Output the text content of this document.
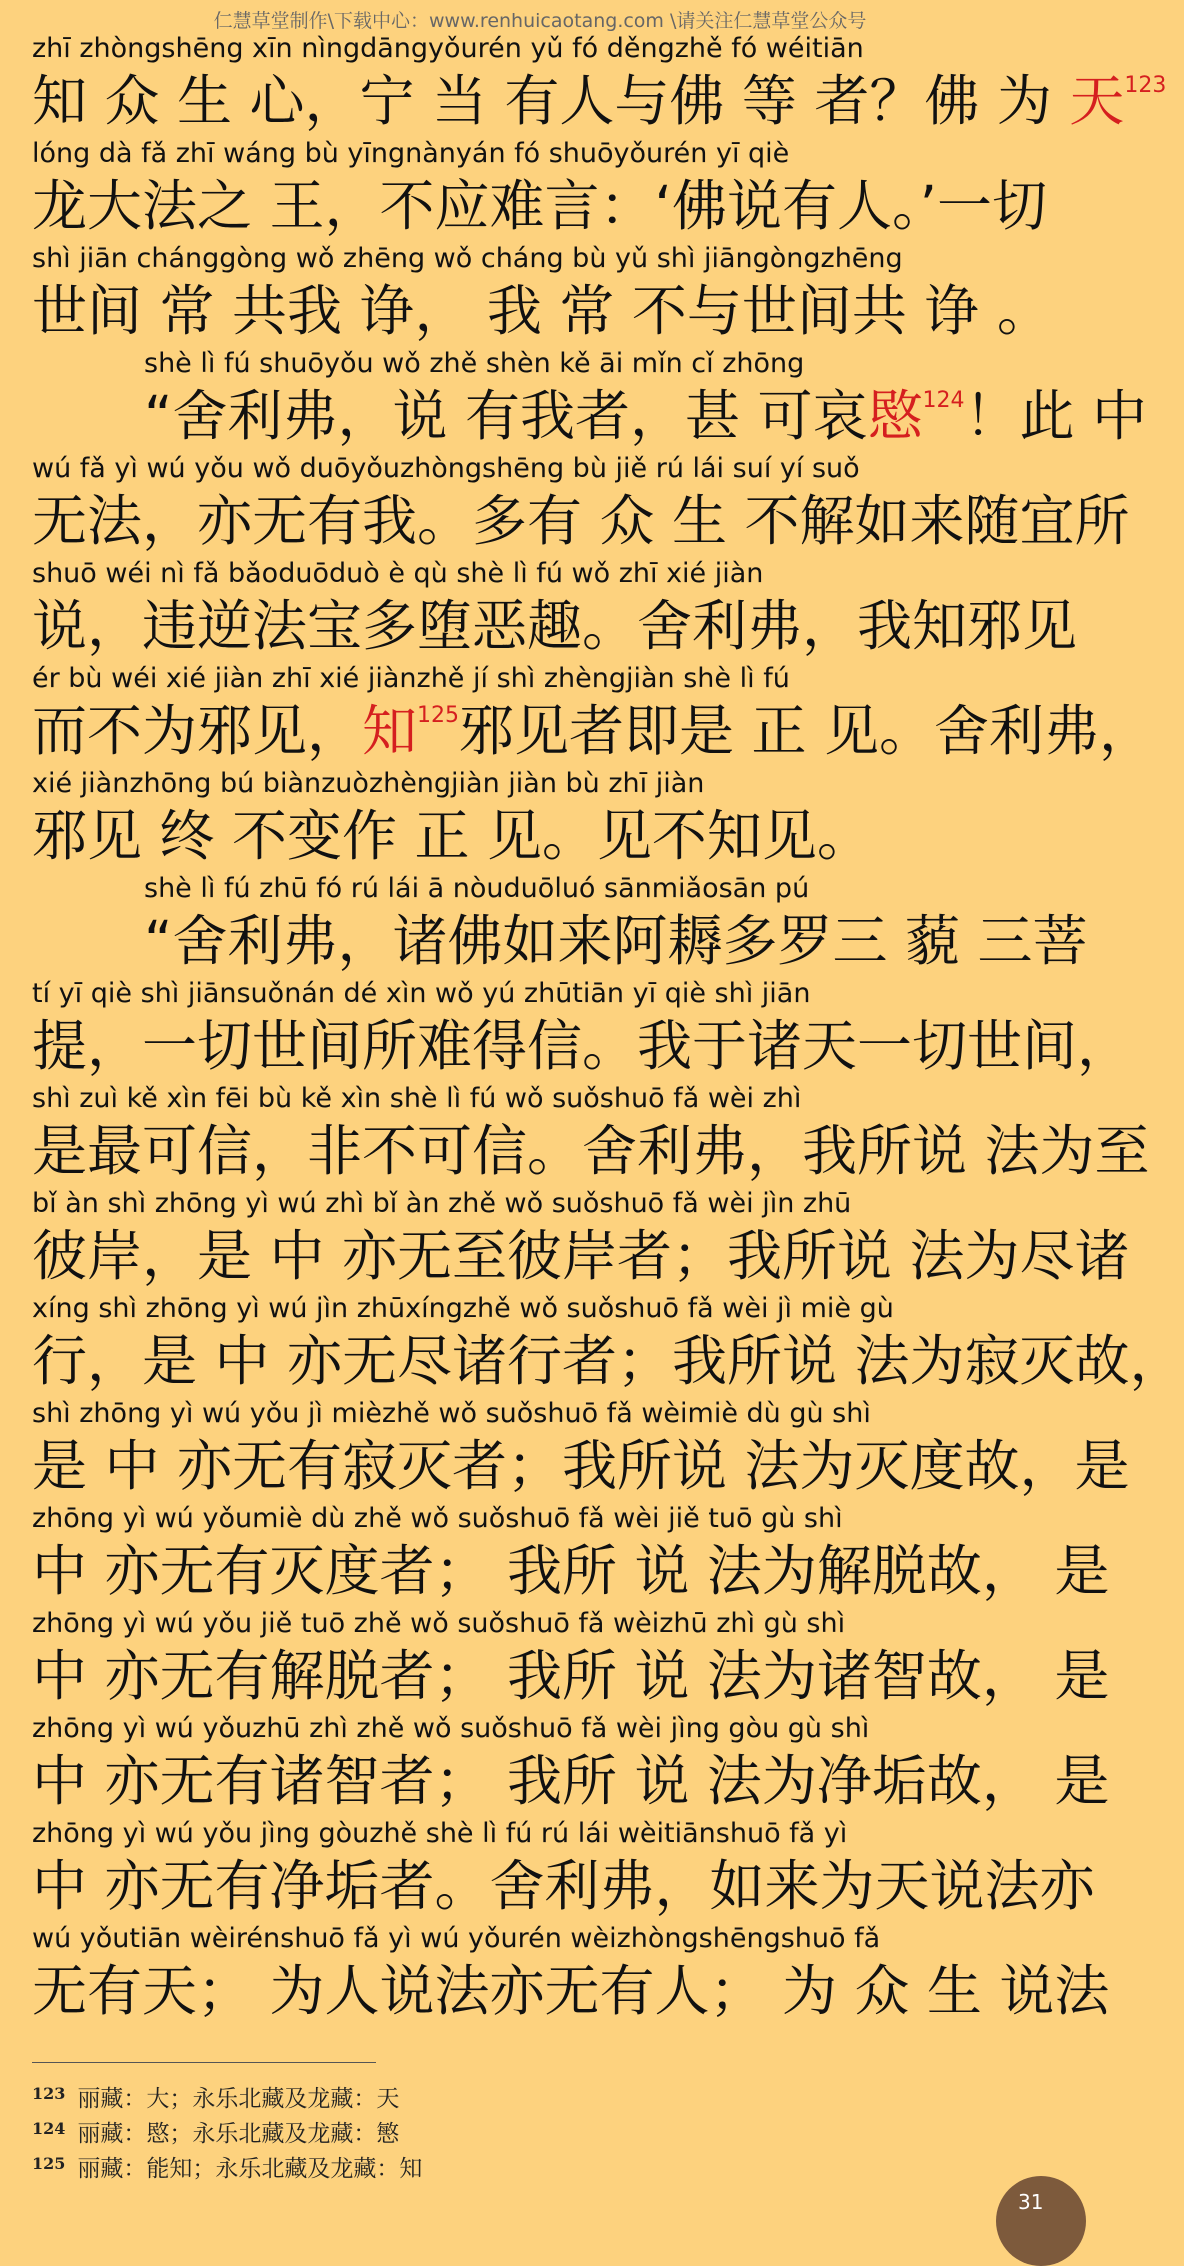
仁慧草堂制作\下载中心：www.renhuicaotang.com \请关注仁慧草堂公众号
zhī zhòngshēng xīn nìngdāngyǒurén yǔ fó děngzhě fó wéitiān
知 众 生 心，宁 当 有人与佛 等 者？佛 为 天$^{123}$
lóng dà fǎ zhī wáng bù yīngnànyán fó shuōyǒurén yī qiè
龙大法之 王，不应难言：‘佛说有人。’一切
shì jiān chánggòng wǒ zhēng wǒ cháng bù yǔ shì jiāngòngzhēng
世间 常 共我 诤， 我 常 不与世间共 诤 。
shè lì fú shuōyǒu wǒ zhě shèn kě āi mǐn cǐ zhōng
“舍利弗，说 有我者，甚 可哀愍$^{124}$！此 中
wú fǎ yì wú yǒu wǒ duōyǒuzhòngshēng bù jiě rú lái suí yí suǒ
无法，亦无有我。多有 众 生 不解如来随宜所
shuō wéi nì fǎ bǎoduōduò è qù shè lì fú wǒ zhī xié jiàn
说，违逆法宝多堕恶趣。舍利弗，我知邪见
ér bù wéi xié jiàn zhī xié jiànzhě jí shì zhèngjiàn shè lì fú
而不为邪见，知$^{125}$邪见者即是 正 见。舍利弗，
xié jiànzhōng bú biànzuòzhèngjiàn jiàn bù zhī jiàn
邪见 终 不变作 正 见。见不知见。
shè lì fú zhū fó rú lái ā nòuduōluó sānmiǎosān pú
“舍利弗，诸佛如来阿耨多罗三 藐 三菩
tí yī qiè shì jiānsuǒnán dé xìn wǒ yú zhūtiān yī qiè shì jiān
提，一切世间所难得信。我于诸天一切世间，
shì zuì kě xìn fēi bù kě xìn shè lì fú wǒ suǒshuō fǎ wèi zhì
是最可信，非不可信。舍利弗，我所说 法为至
bǐ àn shì zhōng yì wú zhì bǐ àn zhě wǒ suǒshuō fǎ wèi jìn zhū
彼岸，是 中 亦无至彼岸者；我所说 法为尽诸
xíng shì zhōng yì wú jìn zhūxíngzhě wǒ suǒshuō fǎ wèi jì miè gù
行，是 中 亦无尽诸行者；我所说 法为寂灭故，
shì zhōng yì wú yǒu jì mièzhě wǒ suǒshuō fǎ wèimiè dù gù shì
是 中 亦无有寂灭者；我所说 法为灭度故，是
zhōng yì wú yǒumiè dù zhě wǒ suǒshuō fǎ wèi jiě tuō gù shì
中 亦无有灭度者； 我所 说 法为解脱故， 是
zhōng yì wú yǒu jiě tuō zhě wǒ suǒshuō fǎ wèizhū zhì gù shì
中 亦无有解脱者； 我所 说 法为诸智故， 是
zhōng yì wú yǒuzhū zhì zhě wǒ suǒshuō fǎ wèi jìng gòu gù shì
中 亦无有诸智者； 我所 说 法为净垢故， 是
zhōng yì wú yǒu jìng gòuzhě shè lì fú rú lái wèitiānshuō fǎ yì
中 亦无有净垢者。舍利弗，如来为天说法亦
wú yǒutiān wèirénshuō fǎ yì wú yǒurén wèizhòngshēngshuō fǎ
无有天； 为人说法亦无有人； 为 众 生 说法
$^{123}$ 丽藏：大；永乐北藏及龙藏：天
$^{124}$ 丽藏：愍；永乐北藏及龙藏：慜
$^{125}$ 丽藏：能知；永乐北藏及龙藏：知
31
